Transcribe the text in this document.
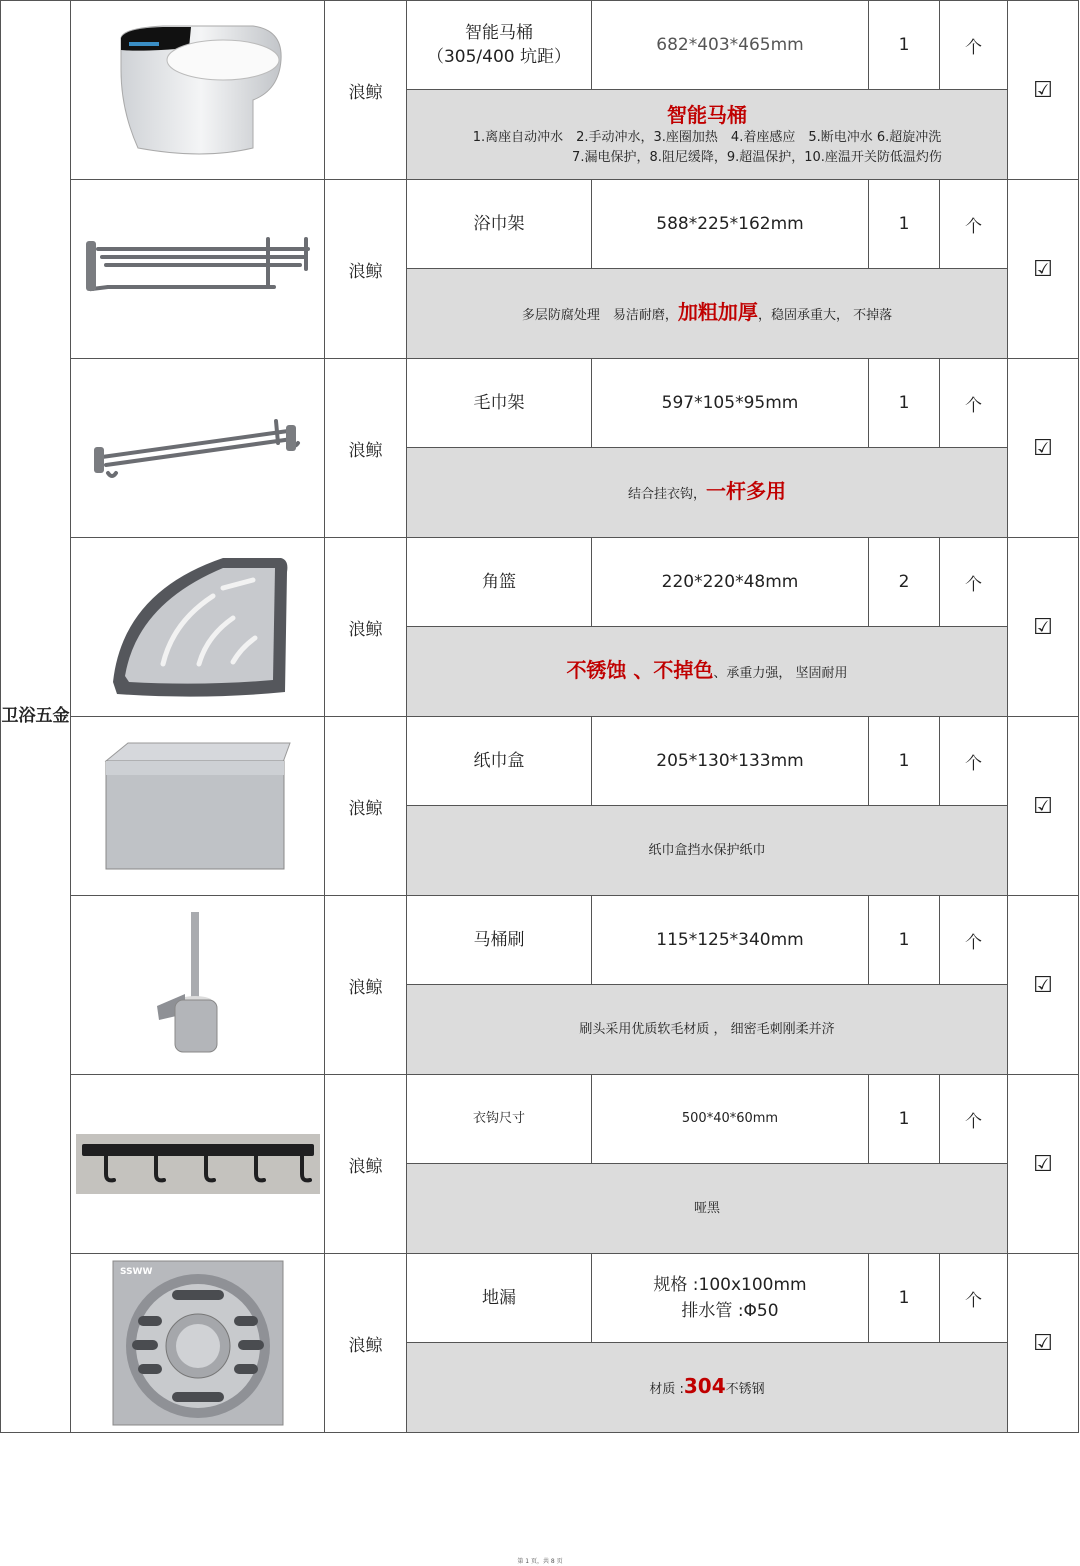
卫浴五金		浪鲸	智能马桶
（305/400 坑距）	682*403*465mm	1	个	☑

			智能马桶
1.离座自动冲水　2.手动冲水，3.座圈加热　4.着座感应　5.断电冲水 6.超旋冲洗
7.漏电保护，8.阻尼缓降，9.超温保护，10.座温开关防低温灼伤				

	浪鲸	浴巾架	588*225*162mm	1	个	☑
			多层防腐处理　易洁耐磨，加粗加厚，稳固承重大， 不掉落				

	浪鲸	毛巾架	597*105*95mm	1	个	☑
			结合挂衣钩，一杆多用				

	浪鲸	角篮	220*220*48mm	2	个	☑
			不锈蚀 、不掉色、承重力强， 坚固耐用				

	浪鲸	纸巾盒	205*130*133mm	1	个	☑
			纸巾盒挡水保护纸巾				

	浪鲸	马桶刷	115*125*340mm	1	个	☑
			刷头采用优质软毛材质 ， 细密毛刺刚柔并济				

	浪鲸	衣钩尺寸	500*40*60mm	1	个	☑
			哑黑				

SSWW	浪鲸	地漏	规格 :100x100mm
排水管 :Φ50	1	个	☑
			材质 :304不锈钢				
第 1 页，共 8 页
